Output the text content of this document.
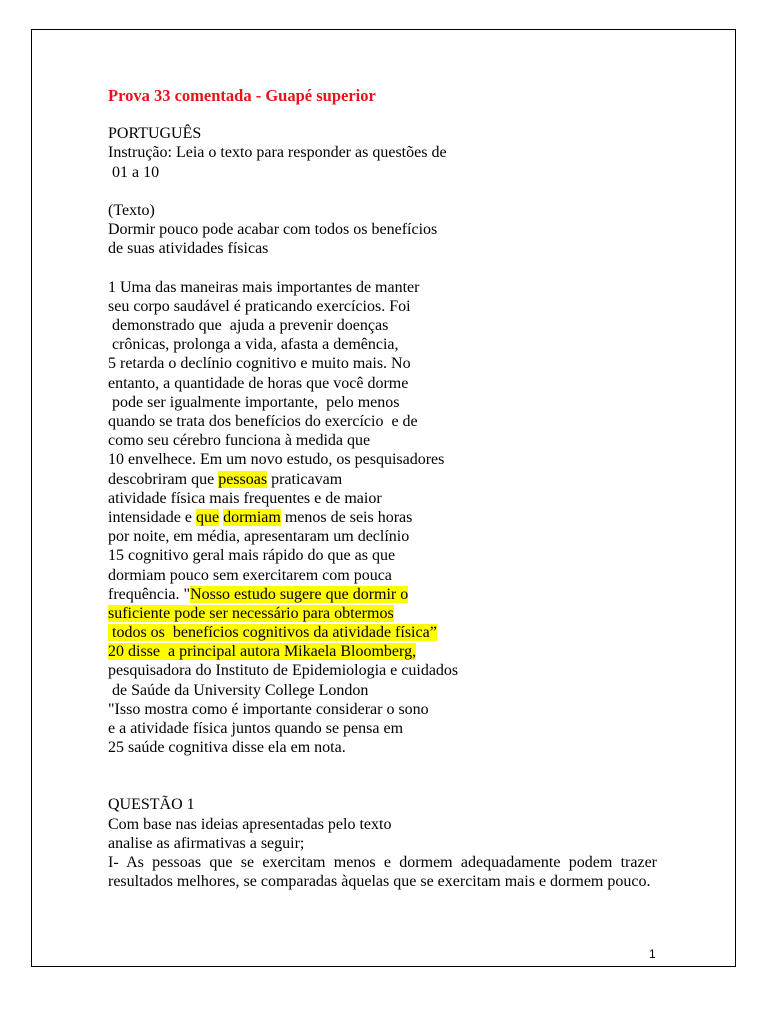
Prova 33 comentada - Guapé superior
PORTUGUÊS
Instrução: Leia o texto para responder as questões de
01 a 10
(Texto)
Dormir pouco pode acabar com todos os benefícios
de suas atividades físicas
1 Uma das maneiras mais importantes de manter
seu corpo saudável é praticando exercícios. Foi
demonstrado que  ajuda a prevenir doenças
crônicas, prolonga a vida, afasta a demência,
5 retarda o declínio cognitivo e muito mais. No
entanto, a quantidade de horas que você dorme
pode ser igualmente importante,  pelo menos
quando se trata dos benefícios do exercício  e de
como seu cérebro funciona à medida que
10 envelhece. Em um novo estudo, os pesquisadores
descobriram que pessoas praticavam
atividade física mais frequentes e de maior
intensidade e que dormiam menos de seis horas
por noite, em média, apresentaram um declínio
15 cognitivo geral mais rápido do que as que
dormiam pouco sem exercitarem com pouca
frequência. "Nosso estudo sugere que dormir o
suficiente pode ser necessário para obtermos
todos os  benefícios cognitivos da atividade física”
20 disse  a principal autora Mikaela Bloomberg,
pesquisadora do Instituto de Epidemiologia e cuidados
de Saúde da University College London
"Isso mostra como é importante considerar o sono
e a atividade física juntos quando se pensa em
25 saúde cognitiva disse ela em nota.
QUESTÃO 1
Com base nas ideias apresentadas pelo texto
analise as afirmativas a seguir;
I- As pessoas que se exercitam menos e dormem adequadamente podem trazer resultados melhores, se comparadas àquelas que se exercitam mais e dormem pouco.
1
